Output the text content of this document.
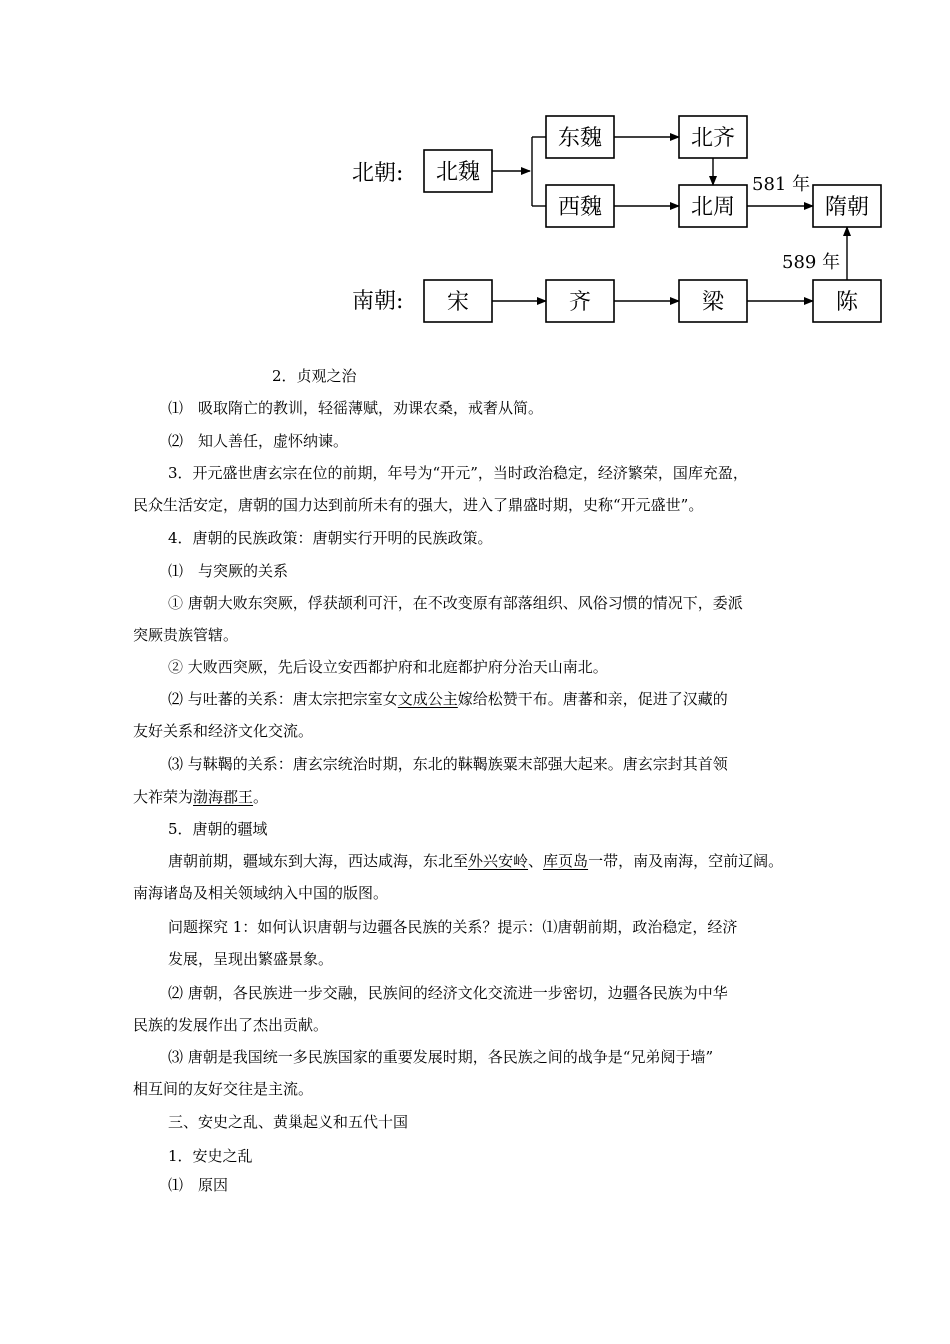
北朝:
南朝:
北魏
东魏
西魏
北齐
北周	隋朝
宋	齐	梁	陈
581 年
589 年
2．贞观之治
⑴　吸取隋亡的教训，轻徭薄赋，劝课农桑，戒奢从简。
⑵　知人善任，虚怀纳谏。
3．开元盛世唐玄宗在位的前期，年号为“开元”，当时政治稳定，经济繁荣，国库充盈，
民众生活安定，唐朝的国力达到前所未有的强大，进入了鼎盛时期，史称“开元盛世”。
4．唐朝的民族政策：唐朝实行开明的民族政策。
⑴　与突厥的关系
① 唐朝大败东突厥，俘获颉利可汗，在不改变原有部落组织、风俗习惯的情况下，委派
突厥贵族管辖。
② 大败西突厥，先后设立安西都护府和北庭都护府分治天山南北。
⑵ 与吐蕃的关系：唐太宗把宗室女文成公主嫁给松赞干布。唐蕃和亲，促进了汉藏的
友好关系和经济文化交流。
⑶ 与靺鞨的关系：唐玄宗统治时期，东北的靺鞨族粟末部强大起来。唐玄宗封其首领
大祚荣为渤海郡王。
5．唐朝的疆域
唐朝前期，疆域东到大海，西达咸海，东北至外兴安岭、库页岛一带，南及南海，空前辽阔。
南海诸岛及相关领域纳入中国的版图。
问题探究 1：如何认识唐朝与边疆各民族的关系？提示：⑴唐朝前期，政治稳定，经济
发展，呈现出繁盛景象。
⑵ 唐朝，各民族进一步交融，民族间的经济文化交流进一步密切，边疆各民族为中华
民族的发展作出了杰出贡献。
⑶ 唐朝是我国统一多民族国家的重要发展时期，各民族之间的战争是“兄弟阋于墙”
相互间的友好交往是主流。
三、安史之乱、黄巢起义和五代十国
1．安史之乱
⑴　原因
